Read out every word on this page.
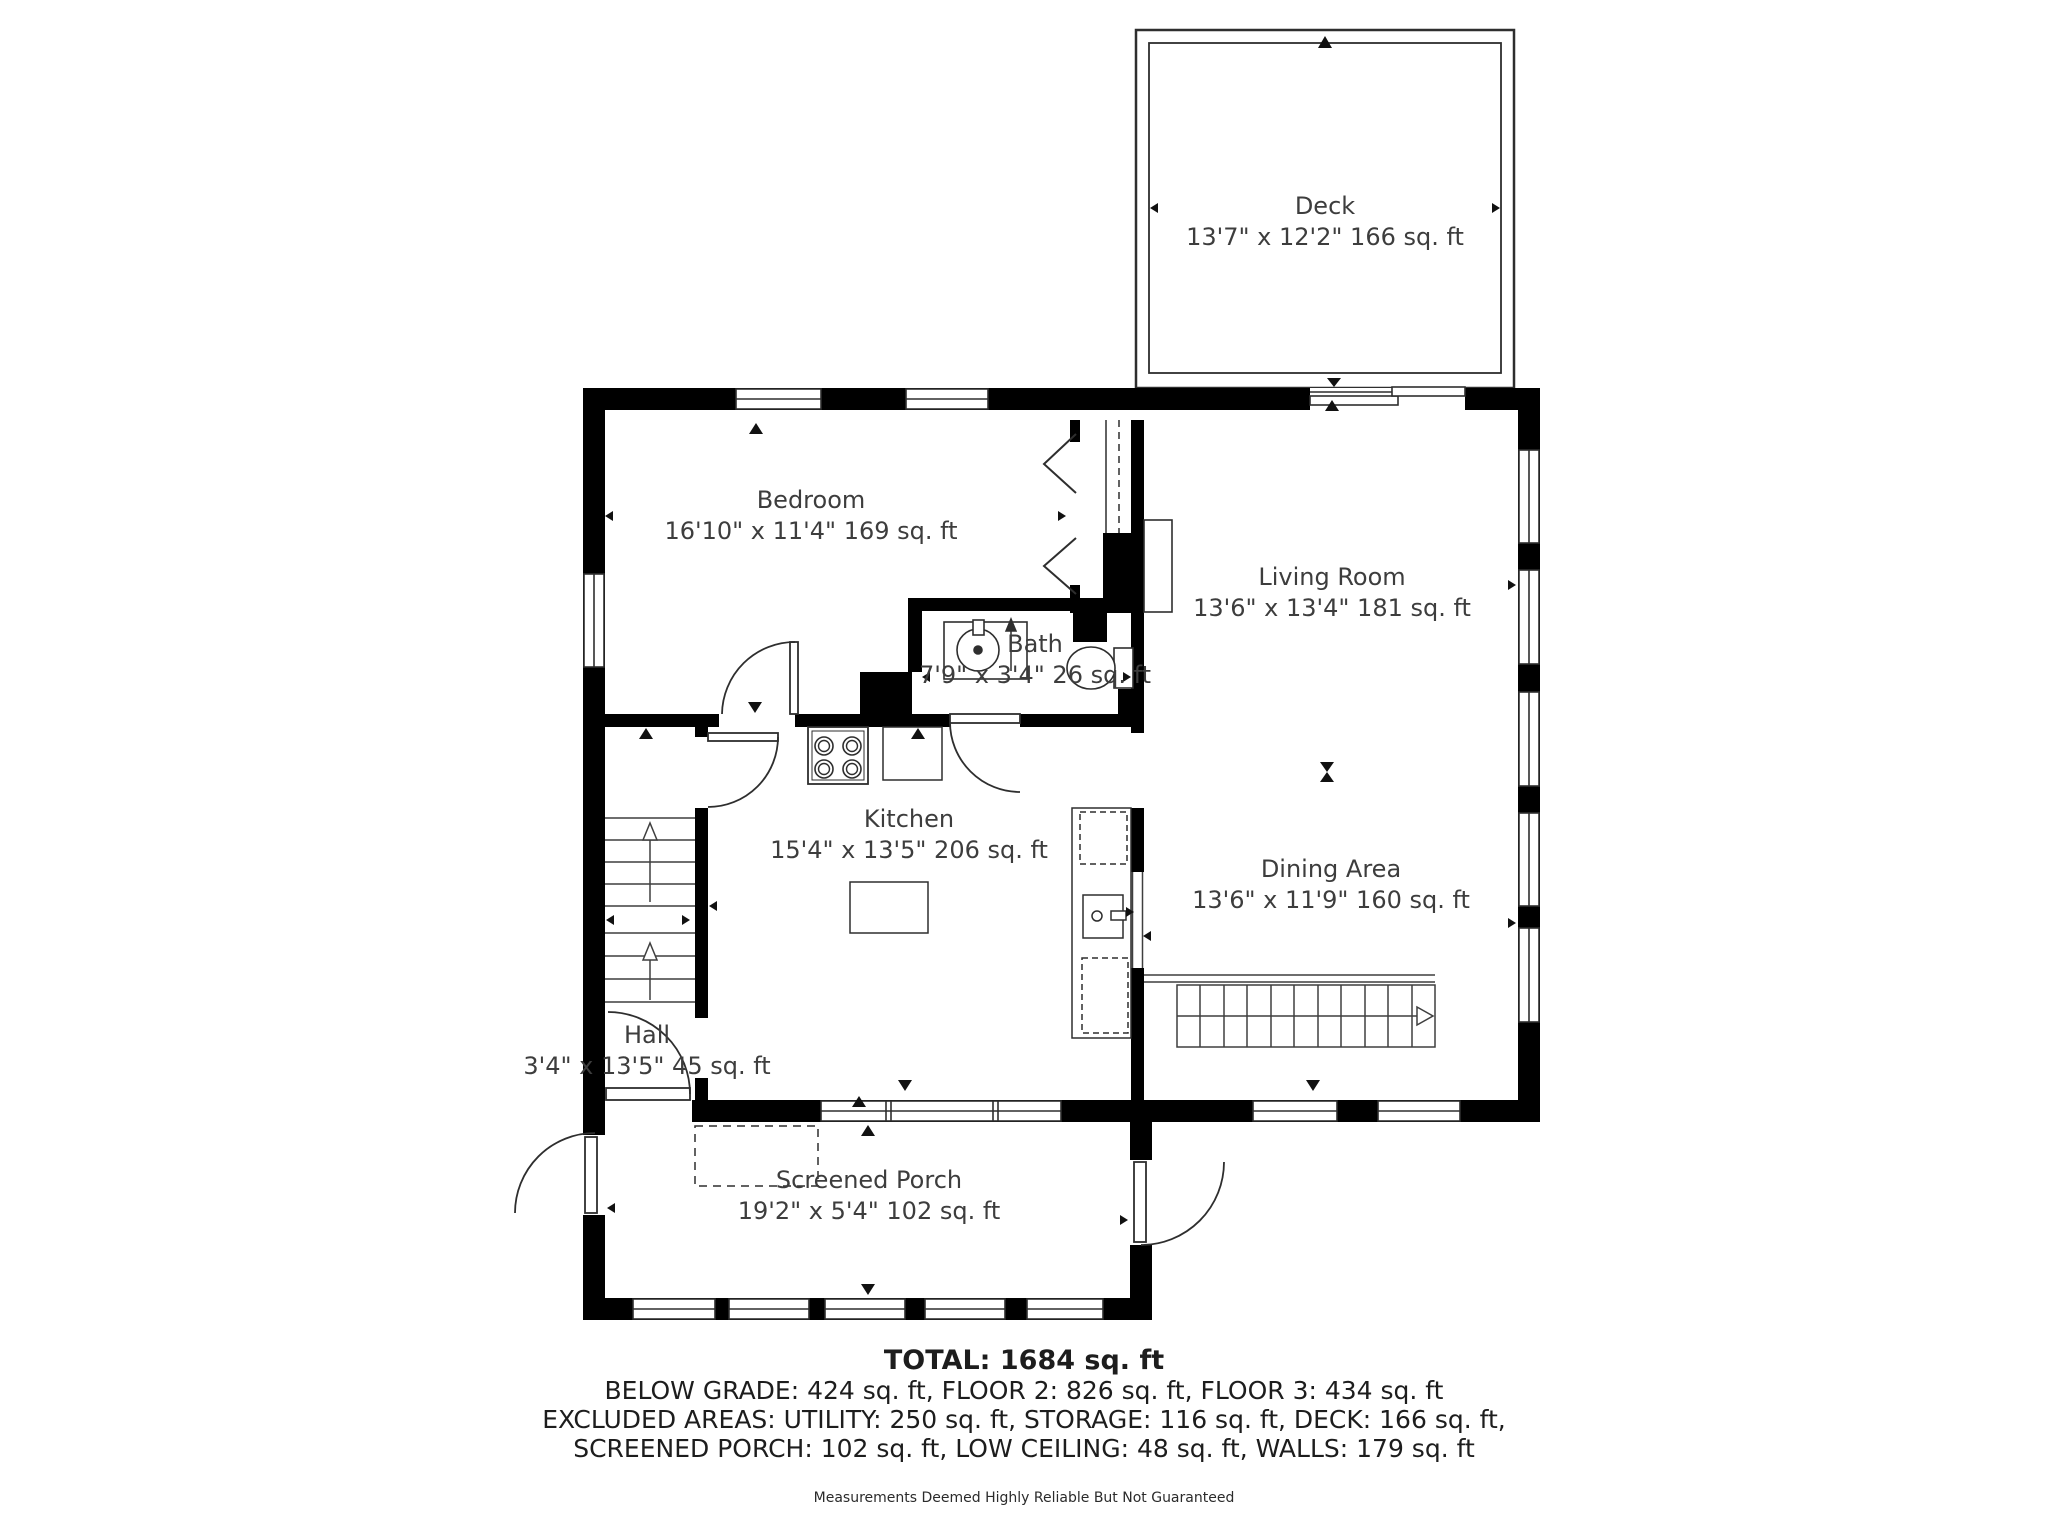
Deck
13'7" x 12'2" 166 sq. ft
Bedroom
16'10" x 11'4" 169 sq. ft
Living Room
13'6" x 13'4" 181 sq. ft
Bath
7'9" x 3'4" 26 sq. ft
Kitchen
15'4" x 13'5" 206 sq. ft
Dining Area
13'6" x 11'9" 160 sq. ft
Hall
3'4" x 13'5" 45 sq. ft
Screened Porch
19'2" x 5'4" 102 sq. ft
TOTAL: 1684 sq. ft
BELOW GRADE: 424 sq. ft, FLOOR 2: 826 sq. ft, FLOOR 3: 434 sq. ft
EXCLUDED AREAS: UTILITY: 250 sq. ft, STORAGE: 116 sq. ft, DECK: 166 sq. ft,
SCREENED PORCH: 102 sq. ft, LOW CEILING: 48 sq. ft, WALLS: 179 sq. ft
Measurements Deemed Highly Reliable But Not Guaranteed
